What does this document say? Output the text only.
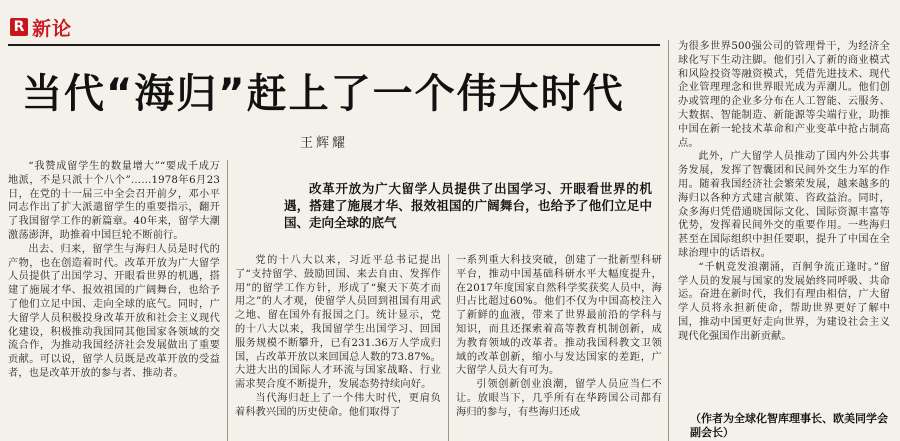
R 新论
当代“海归”赶上了一个伟大时代
王辉耀

“我赞成留学生的数量增大”“要成千成万地派，不是只派十个八个”……1978年6月23日，在党的十一届三中全会召开前夕，邓小平同志作出了扩大派遣留学生的重要指示，翻开了我国留学工作的新篇章。40年来，留学大潮激荡澎湃，助推着中国巨轮不断前行。

出去、归来，留学生与海归人员是时代的产物，也在创造着时代。改革开放为广大留学人员提供了出国学习、开眼看世界的机遇，搭建了施展才华、报效祖国的广阔舞台，也给予了他们立足中国、走向全球的底气。同时，广大留学人员积极投身改革开放和社会主义现代化建设，积极推动我国同其他国家各领域的交流合作，为推动我国经济社会发展做出了重要贡献。可以说，留学人员既是改革开放的受益者，也是改革开放的参与者、推动者。

改革开放为广大留学人员提供了出国学习、开眼看世界的机遇，搭建了施展才华、报效祖国的广阔舞台，也给予了他们立足中国、走向全球的底气

党的十八大以来，习近平总书记提出了“支持留学、鼓励回国、来去自由、发挥作用”的留学工作方针，形成了“聚天下英才而用之”的人才观，使留学人员回到祖国有用武之地、留在国外有报国之门。统计显示，党的十八大以来，我国留学生出国学习、回国服务规模不断攀升，已有231.36万人学成归国，占改革开放以来回国总人数的73.87%。大进大出的国际人才环流与国家战略、行业需求契合度不断提升，发展态势持续向好。

当代海归赶上了一个伟大时代，更肩负着科教兴国的历史使命。他们取得了

一系列重大科技突破，创建了一批新型科研平台，推动中国基础科研水平大幅度提升，在2017年度国家自然科学奖获奖人员中，海归占比超过60%。他们不仅为中国高校注入了新鲜的血液，带来了世界最前沿的学科与知识，而且还探索着高等教育机制创新，成为教育领域的改革者。推动我国科教文卫领域的改革创新，缩小与发达国家的差距，广大留学人员大有可为。

引领创新创业浪潮，留学人员应当仁不让。放眼当下，几乎所有在华跨国公司都有海归的参与，有些海归还成

为很多世界500强公司的管理骨干，为经济全球化写下生动注脚。他们引入了新的商业模式和风险投资等融资模式，凭借先进技术、现代企业管理理念和世界眼光成为弄潮儿。他们创办或管理的企业多分布在人工智能、云服务、大数据、智能制造、新能源等尖端行业，助推中国在新一轮技术革命和产业变革中抢占制高点。

此外，广大留学人员推动了国内外公共事务发展，发挥了智囊团和民间外交生力军的作用。随着我国经济社会繁荣发展，越来越多的海归以各种方式建言献策、咨政益治。同时，众多海归凭借通晓国际文化、国际资源丰富等优势，发挥着民间外交的重要作用。一些海归甚至在国际组织中担任要职，提升了中国在全球治理中的话语权。

“千帆竞发浪潮涌，百舸争流正逢时。”留学人员的发展与国家的发展始终同呼吸、共命运。奋进在新时代，我们有理由相信，广大留学人员将永担新使命，帮助世界更好了解中国，推动中国更好走向世界，为建设社会主义现代化强国作出新贡献。

（作者为全球化智库理事长、欧美同学会副会长）
